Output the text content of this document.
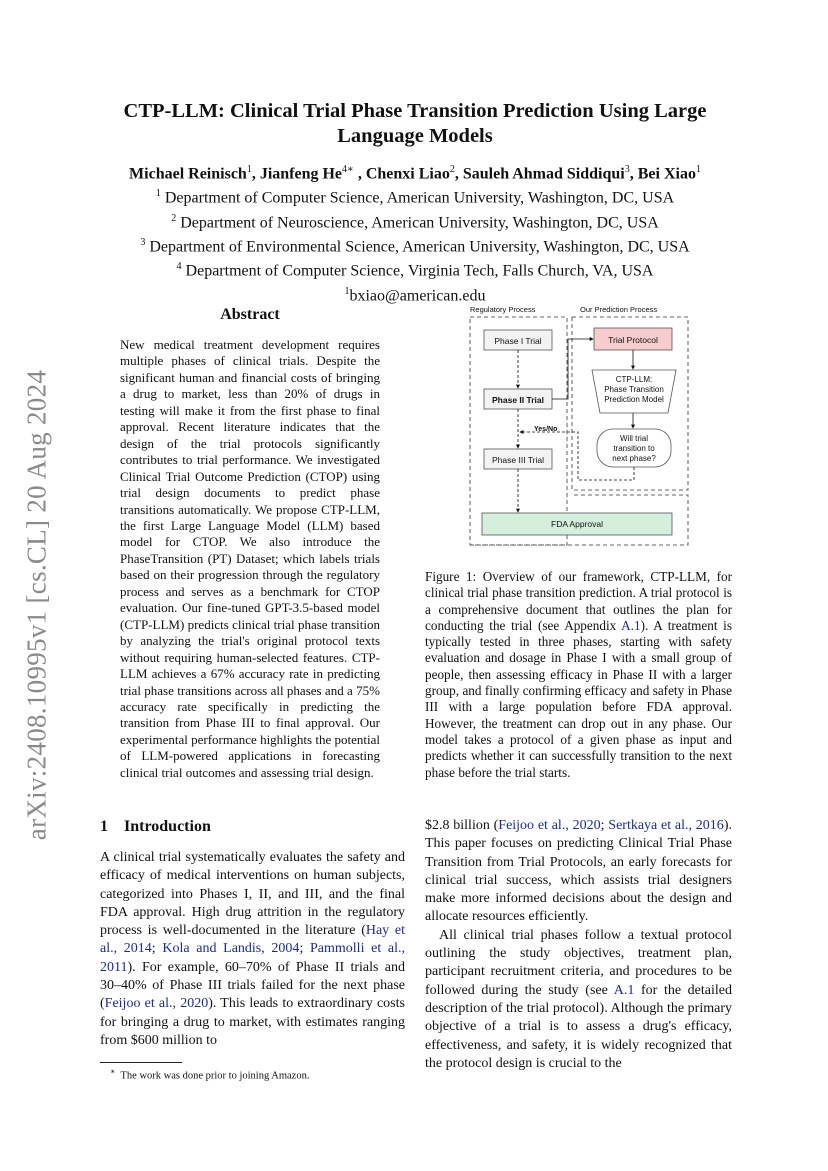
arXiv:2408.10995v1 [cs.CL] 20 Aug 2024
CTP-LLM: Clinical Trial Phase Transition Prediction Using Large Language Models
Michael Reinisch$^1$, Jianfeng $He^{4∗}$ , Chenxi Liao$^2$, Sauleh Ahmad Siddiqui$^3$, Bei Xiao$^1$
$^1$ Department of Computer Science, American University, Washington, DC, USA
$^2$ Department of Neuroscience, American University, Washington, DC, USA
$^3$ Department of Environmental Science, American University, Washington, DC, USA
$^4$ Department of Computer Science, Virginia Tech, Falls Church, VA, USA
$^1$bxiao@american.edu
Abstract
New medical treatment development requires multiple phases of clinical trials. Despite the significant human and financial costs of bringing a drug to market, less than 20% of drugs in testing will make it from the first phase to final approval. Recent literature indicates that the design of the trial protocols significantly contributes to trial performance. We investigated Clinical Trial Outcome Prediction (CTOP) using trial design documents to predict phase transitions automatically. We propose CTP-LLM, the first Large Language Model (LLM) based model for CTOP. We also introduce the PhaseTransition (PT) Dataset; which labels trials based on their progression through the regulatory process and serves as a benchmark for CTOP evaluation. Our fine-tuned GPT-3.5-based model (CTP-LLM) predicts clinical trial phase transition by analyzing the trial's original protocol texts without requiring human-selected features. CTP-LLM achieves a 67% accuracy rate in predicting trial phase transitions across all phases and a 75% accuracy rate specifically in predicting the transition from Phase III to final approval. Our experimental performance highlights the potential of LLM-powered applications in forecasting clinical trial outcomes and assessing trial design.
Regulatory Process	Our Prediction Process
Phase I Trial
Phase II Trial
Phase III Trial
FDA Approval
Trial Protocol
CTP-LLM:
Phase Transition
Prediction Model
Will trial
transition to
next phase?
Yes/No
Figure 1: Overview of our framework, CTP-LLM, for clinical trial phase transition prediction. A trial protocol is a comprehensive document that outlines the plan for conducting the trial (see Appendix A.1). A treatment is typically tested in three phases, starting with safety evaluation and dosage in Phase I with a small group of people, then assessing efficacy in Phase II with a larger group, and finally confirming efficacy and safety in Phase III with a large population before FDA approval. However, the treatment can drop out in any phase. Our model takes a protocol of a given phase as input and predicts whether it can successfully transition to the next phase before the trial starts.
1 Introduction

A clinical trial systematically evaluates the safety and efficacy of medical interventions on human subjects, categorized into Phases I, II, and III, and the final FDA approval. High drug attrition in the regulatory process is well-documented in the literature (Hay et al., 2014; Kola and Landis, 2004; Pammolli et al., 2011). For example, 60–70% of Phase II trials and 30–40% of Phase III trials failed for the next phase (Feijoo et al., 2020). This leads to extraordinary costs for bringing a drug to market, with estimates ranging from $600 million to

$2.8 billion (Feijoo et al., 2020; Sertkaya et al., 2016). This paper focuses on predicting Clinical Trial Phase Transition from Trial Protocols, an early forecasts for clinical trial success, which assists trial designers make more informed decisions about the design and allocate resources efficiently.

All clinical trial phases follow a textual protocol outlining the study objectives, treatment plan, participant recruitment criteria, and procedures to be followed during the study (see A.1 for the detailed description of the trial protocol). Although the primary objective of a trial is to assess a drug's efficacy, effectiveness, and safety, it is widely recognized that the protocol design is crucial to the

∗ The work was done prior to joining Amazon.
